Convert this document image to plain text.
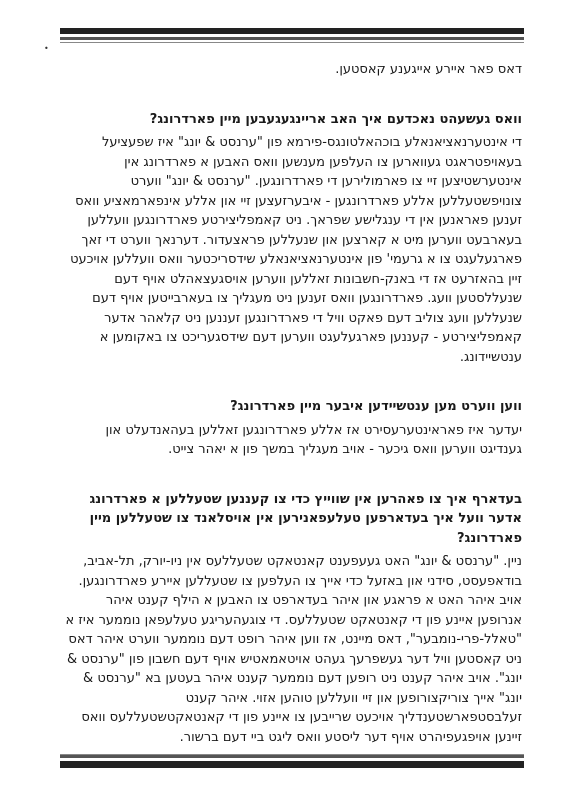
•

דאס פאר איירע אייגענע קאסטען.

וואס געשעהט נאכדעם איך האב אריינגעגעבען מיין פארדרונג?

די אינטערנאציאנאלע בוכהאלטונגס-פירמא פון "ערנסט & יונג" איז שפעציעל בעאויפטראגט געווארען צו העלפען מענשען וואס האבען א פארדרונג אין אינטערשטיצען זיי צו פארמולירען די פארדרונגען. "ערנסט & יונג" ווערט צונויפשטעללען אללע פארדרונגען - איבערזעצען זיי און אללע אינפארמאציע וואס זענען פאראנען אין די ענגלישע שפראך. ניט קאמפליצירטע פארדרונגען וועללען בעארבעט ווערען מיט א קארצען און שנעללען פראצעדור. דערנאך ווערט די זאך פארגעלעגט צו א גרעמי' פון אינטערנאציאנאלע שידסריכטער וואס וועללען אויכעט זיין בהאזרעט אז די באנק-חשבונות זאללען ווערען אויסגעצאהלט אויף דעם שנעללסטען וועג. פארדרונגען וואס זענען ניט מעגליך צו בעארבייטען אויף דעם שנעללען וועג צוליב דעם פאקט וויל די פארדרונגען זעננען ניט קלאהר אדער קאמפליצירטע - קעננען פארגעלעגט ווערען דעם שידסגעריכט צו באקומען א ענטשיידונג.

ווען ווערט מען ענטשיידען איבער מיין פארדרונג?

יעדער איז פאראינטערעסירט אז אללע פארדרונגען זאללען בעהאנדעלט און גענדיגט ווערען וואס גיכער - אויב מעגליך במשך פון א יאהר צייט.

בעדארף איך צו פאהרען אין שווייץ כדי צו קעננען שטעללען א פארדרונג אדער וועל איך בעדארפען טעלעפאנירען אין אויסלאנד צו שטעללען מיין פארדרונג?

ניין. "ערנסט & יונג" האט געעפענט קאנטאקט שטעללעס אין ניו-יורק, תל-אביב, בודאפעסט, סידני און באזעל כדי אייך צו העלפען צו שטעללען איירע פארדרונגען. אויב איהר האט א פראגע און איהר בעדארפט צו האבען א הילף קענט איהר אנרופען איינע פון די קאנטאקט שטעללעס. די צוגעהעריגע טעלעפאן נוממער איז א "טאלל-פרי-נומבער", דאס מיינט, אז ווען איהר רופט דעם נוממער ווערט איהר דאס ניט קאסטען וויל דער געשפרעך געהט אויטאמאטיש אויף דעם חשבון פון "ערנסט & יונג". אויב איהר קענט ניט רופען דעם נוממער קענט איהר בעטען בא "ערנסט & יונג" אייך צוריקצורופען און זיי וועללען טוהען אזוי. איהר קענט זעלבסטפארשטענדליך אויכעט שרייבען צו איינע פון די קאנטאקטשטעללעס וואס זיינען אויפגעפיהרט אויף דער ליסטע וואס ליגט ביי דעם ברשור.
